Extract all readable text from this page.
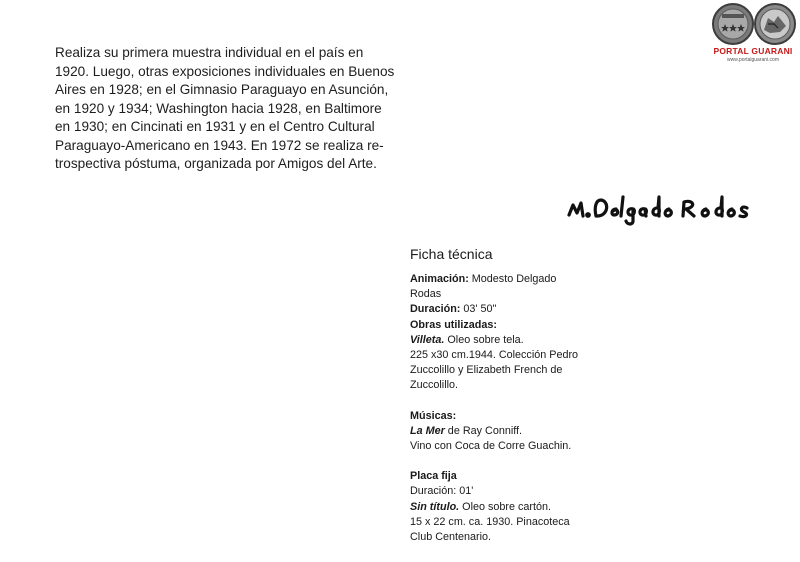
Realiza su primera muestra individual en el país en
1920. Luego, otras exposiciones individuales en Buenos
Aires en 1928; en el Gimnasio Paraguayo en Asunción,
en 1920 y 1934; Washington hacia 1928, en Baltimore
en 1930; en Cincinati en 1931 y en el Centro Cultural
Paraguayo-Americano en 1943. En 1972 se realiza re-
trospectiva póstuma, organizada por Amigos del Arte.
PORTAL GUARANI
www.portalguarani.com
Ficha técnica
Animación: Modesto Delgado
Rodas
Duración: 03' 50"
Obras utilizadas:
Villeta. Oleo sobre tela.
225 x30 cm.1944. Colección Pedro
Zuccolillo y Elizabeth French de
Zuccolillo.
Músicas:
La Mer de Ray Conniff.
Vino con Coca de Corre Guachin.
Placa fija
Duración: 01'
Sin título. Oleo sobre cartón.
15 x 22 cm. ca. 1930. Pinacoteca
Club Centenario.
